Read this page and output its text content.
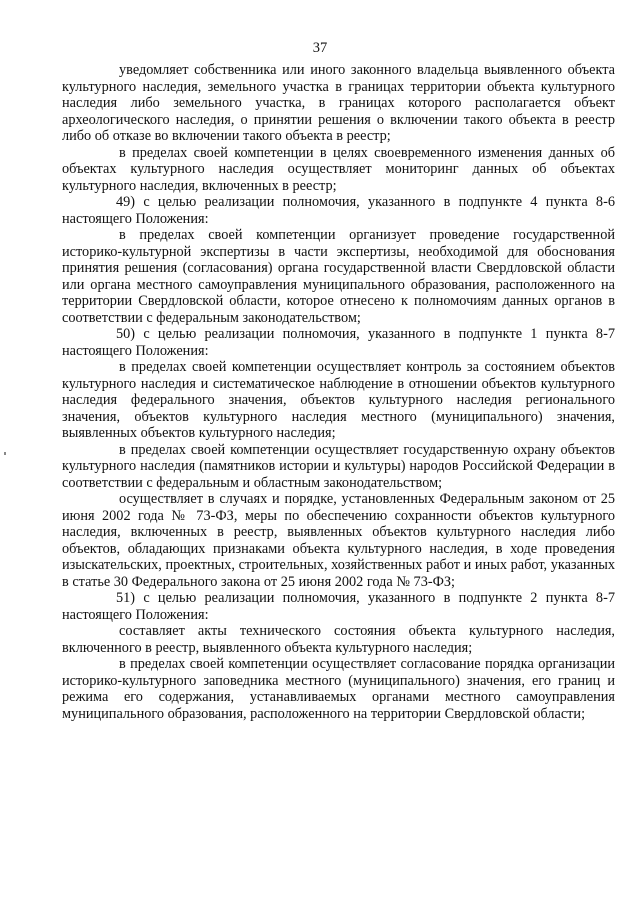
37

уведомляет собственника или иного законного владельца выявленного объекта культурного наследия, земельного участка в границах территории объекта культурного наследия либо земельного участка, в границах которого располагается объект археологического наследия, о принятии решения о включении такого объекта в реестр либо об отказе во включении такого объекта в реестр;

в пределах своей компетенции в целях своевременного изменения данных об объектах культурного наследия осуществляет мониторинг данных об объектах культурного наследия, включенных в реестр;

49) с целью реализации полномочия, указанного в подпункте 4 пункта 8-6 настоящего Положения:

в пределах своей компетенции организует проведение государственной историко-культурной экспертизы в части экспертизы, необходимой для обоснования принятия решения (согласования) органа государственной власти Свердловской области или органа местного самоуправления муниципального образования, расположенного на территории Свердловской области, которое отнесено к полномочиям данных органов в соответствии с федеральным законодательством;

50) с целью реализации полномочия, указанного в подпункте 1 пункта 8-7 настоящего Положения:

в пределах своей компетенции осуществляет контроль за состоянием объектов культурного наследия и систематическое наблюдение в отношении объектов культурного наследия федерального значения, объектов культурного наследия регионального значения, объектов культурного наследия местного (муниципального) значения, выявленных объектов культурного наследия;

в пределах своей компетенции осуществляет государственную охрану объектов культурного наследия (памятников истории и культуры) народов Российской Федерации в соответствии с федеральным и областным законодательством;

осуществляет в случаях и порядке, установленных Федеральным законом от 25 июня 2002 года № 73-ФЗ, меры по обеспечению сохранности объектов культурного наследия, включенных в реестр, выявленных объектов культурного наследия либо объектов, обладающих признаками объекта культурного наследия, в ходе проведения изыскательских, проектных, строительных, хозяйственных работ и иных работ, указанных в статье 30 Федерального закона от 25 июня 2002 года № 73-ФЗ;

51) с целью реализации полномочия, указанного в подпункте 2 пункта 8-7 настоящего Положения:

составляет акты технического состояния объекта культурного наследия, включенного в реестр, выявленного объекта культурного наследия;

в пределах своей компетенции осуществляет согласование порядка организации историко-культурного заповедника местного (муниципального) значения, его границ и режима его содержания, устанавливаемых органами местного самоуправления муниципального образования, расположенного на территории Свердловской области;
